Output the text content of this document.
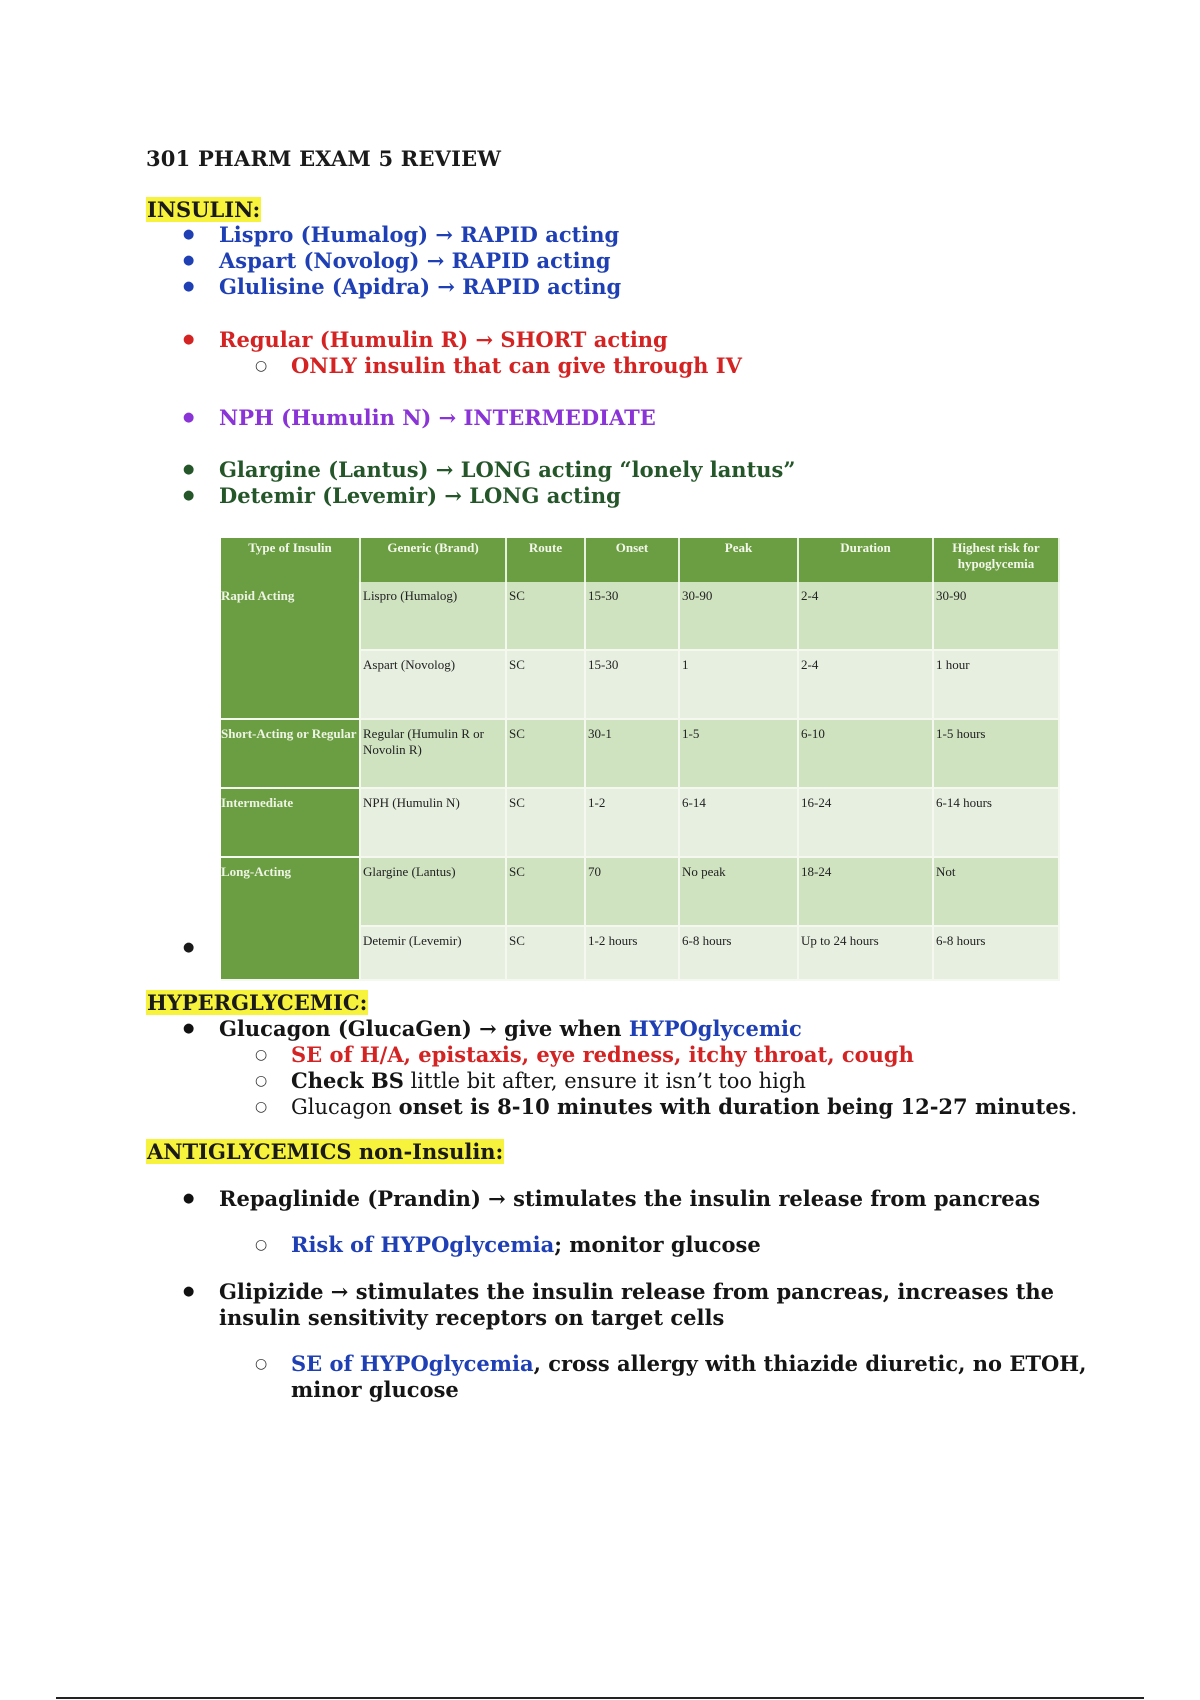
301 PHARM EXAM 5 REVIEW
INSULIN:
● Lispro (Humalog) → RAPID acting
● Aspart (Novolog) → RAPID acting
● Glulisine (Apidra) → RAPID acting
● Regular (Humulin R) → SHORT acting
○ ONLY insulin that can give through IV
● NPH (Humulin N) → INTERMEDIATE
● Glargine (Lantus) → LONG acting “lonely lantus”
● Detemir (Levemir) → LONG acting
Type of Insulin	Generic (Brand)	Route	Onset	Peak	Duration	Highest risk for hypoglycemia
Rapid Acting	Lispro (Humalog)	SC	15-30	30-90	2-4	30-90
	Aspart (Novolog)	SC	15-30	1	2-4	1 hour
Short-Acting or Regular	Regular (Humulin R or Novolin R)	SC	30-1	1-5	6-10	1-5 hours
Intermediate	NPH (Humulin N)	SC	1-2	6-14	16-24	6-14 hours
Long-Acting	Glargine (Lantus)	SC	70	No peak	18-24	Not
	Detemir (Levemir)	SC	1-2 hours	6-8 hours	Up to 24 hours	6-8 hours
●
HYPERGLYCEMIC:
● Glucagon (GlucaGen) → give when HYPOglycemic
○ SE of H/A, epistaxis, eye redness, itchy throat, cough
○ Check BS little bit after, ensure it isn’t too high
○ Glucagon onset is 8-10 minutes with duration being 12-27 minutes.
ANTIGLYCEMICS non-Insulin:
● Repaglinide (Prandin) → stimulates the insulin release from pancreas
○ Risk of HYPOglycemia; monitor glucose
● Glipizide → stimulates the insulin release from pancreas, increases the
insulin sensitivity receptors on target cells
○ SE of HYPOglycemia, cross allergy with thiazide diuretic, no ETOH,
minor glucose
